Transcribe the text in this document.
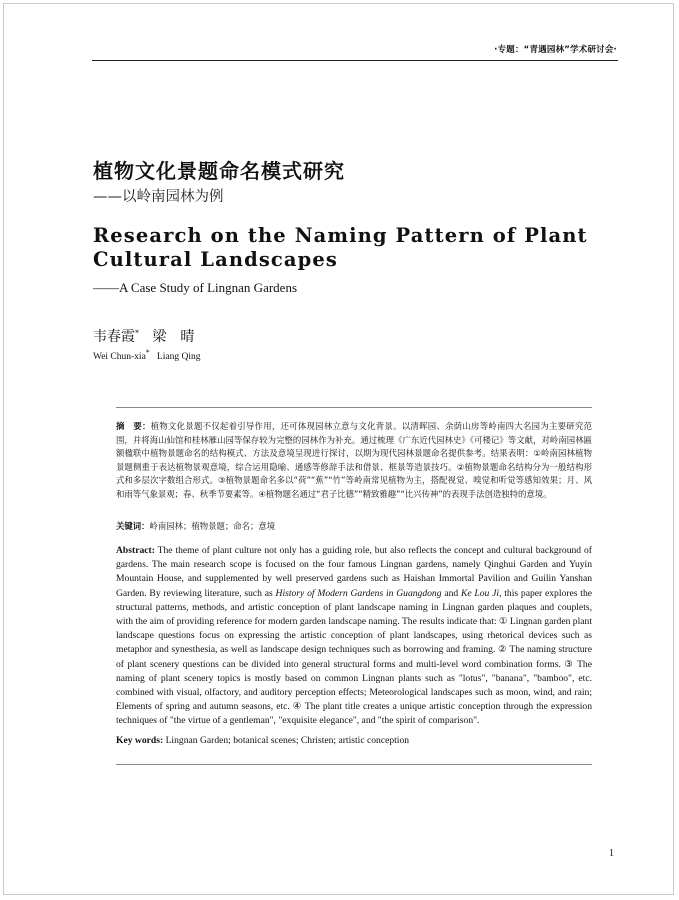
·专题：“青遇园林”学术研讨会·
植物文化景题命名模式研究
——以岭南园林为例
Research on the Naming Pattern of Plant Cultural Landscapes
——A Case Study of Lingnan Gardens
韦春霞* 梁　晴
Wei Chun-xia* Liang Qing
摘　要：植物文化景题不仅起着引导作用，还可体现园林立意与文化背景。以清晖园、余荫山房等岭南四大名园为主要研究范围，并将海山仙馆和桂林雁山园等保存较为完整的园林作为补充。通过梳理《广东近代园林史》《可楼记》等文献，对岭南园林匾额楹联中植物景题命名的结构模式、方法及意境呈现进行探讨，以期为现代园林景题命名提供参考。结果表明：①岭南园林植物景题侧重于表达植物景观意境，综合运用隐喻、通感等修辞手法和借景、框景等造景技巧。②植物景题命名结构分为一般结构形式和多层次字数组合形式。③植物景题命名多以“荷”“蕉”“竹”等岭南常见植物为主，搭配视觉、嗅觉和听觉等感知效果；月、风和雨等气象景观；春、秋季节要素等。④植物题名通过“君子比德”“精致雅趣”“比兴传神”的表现手法创造独特的意境。
关键词：岭南园林；植物景题；命名；意境
Abstract: The theme of plant culture not only has a guiding role, but also reflects the concept and cultural background of gardens. The main research scope is focused on the four famous Lingnan gardens, namely Qinghui Garden and Yuyin Mountain House, and supplemented by well preserved gardens such as Haishan Immortal Pavilion and Guilin Yanshan Garden. By reviewing literature, such as History of Modern Gardens in Guangdong and Ke Lou Ji, this paper explores the structural patterns, methods, and artistic conception of plant landscape naming in Lingnan garden plaques and couplets, with the aim of providing reference for modern garden landscape naming. The results indicate that: ① Lingnan garden plant landscape questions focus on expressing the artistic conception of plant landscapes, using rhetorical devices such as metaphor and synesthesia, as well as landscape design techniques such as borrowing and framing. ② The naming structure of plant scenery questions can be divided into general structural forms and multi-level word combination forms. ③ The naming of plant scenery topics is mostly based on common Lingnan plants such as "lotus", "banana", "bamboo", etc. combined with visual, olfactory, and auditory perception effects; Meteorological landscapes such as moon, wind, and rain; Elements of spring and autumn seasons, etc. ④ The plant title creates a unique artistic conception through the expression techniques of "the virtue of a gentleman", "exquisite elegance", and "the spirit of comparison".
Key words: Lingnan Garden; botanical scenes; Christen; artistic conception
1
